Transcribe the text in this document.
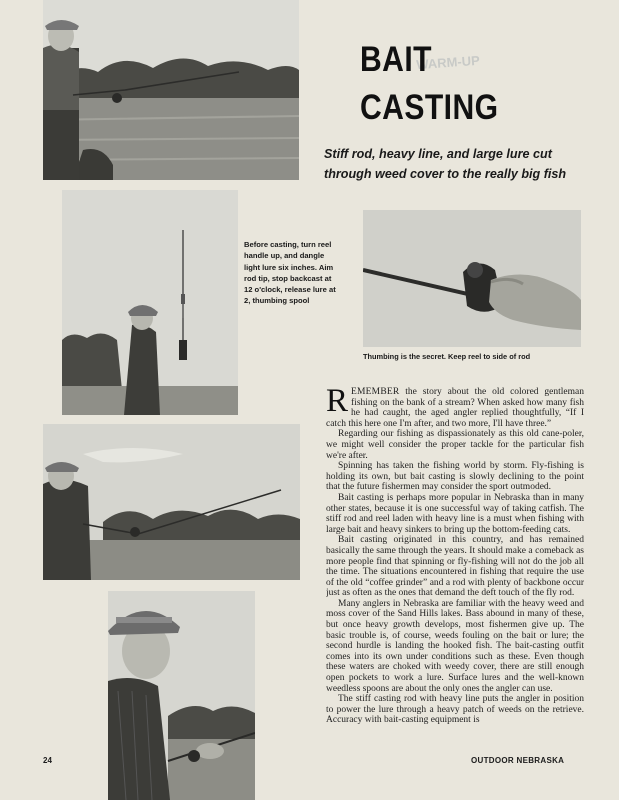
WARM-UP
BAIT
CASTING
Stiff rod, heavy line, and large lure cut through weed cover to the really big fish
Before casting, turn reel handle up, and dangle light lure six inches. Aim rod tip, stop backcast at 12 o'clock, release lure at 2, thumbing spool
Thumbing is the secret. Keep reel to side of rod

REMEMBER the story about the old colored gentleman fishing on the bank of a stream? When asked how many fish he had caught, the aged angler replied thoughtfully, “If I catch this here one I'm after, and two more, I'll have three.”

Regarding our fishing as dispassionately as this old cane-poler, we might well consider the proper tackle for the particular fish we're after.

Spinning has taken the fishing world by storm. Fly-fishing is holding its own, but bait casting is slowly declining to the point that the future fishermen may consider the sport outmoded.

Bait casting is perhaps more popular in Nebraska than in many other states, because it is one successful way of taking catfish. The stiff rod and reel laden with heavy line is a must when fishing with large bait and heavy sinkers to bring up the bottom-feeding cats.

Bait casting originated in this country, and has remained basically the same through the years. It should make a comeback as more people find that spinning or fly-fishing will not do the job all the time. The situations encountered in fishing that require the use of the old “coffee grinder” and a rod with plenty of backbone occur just as often as the ones that demand the deft touch of the fly rod.

Many anglers in Nebraska are familiar with the heavy weed and moss cover of the Sand Hills lakes. Bass abound in many of these, but once heavy growth develops, most fishermen give up. The basic trouble is, of course, weeds fouling on the bait or lure; the second hurdle is landing the hooked fish. The bait-casting outfit comes into its own under conditions such as these. Even though these waters are choked with weedy cover, there are still enough open pockets to work a lure. Surface lures and the well-known weedless spoons are about the only ones the angler can use.

The stiff casting rod with heavy line puts the angler in position to power the lure through a heavy patch of weeds on the retrieve. Accuracy with bait-casting equipment is

24	OUTDOOR NEBRASKA
